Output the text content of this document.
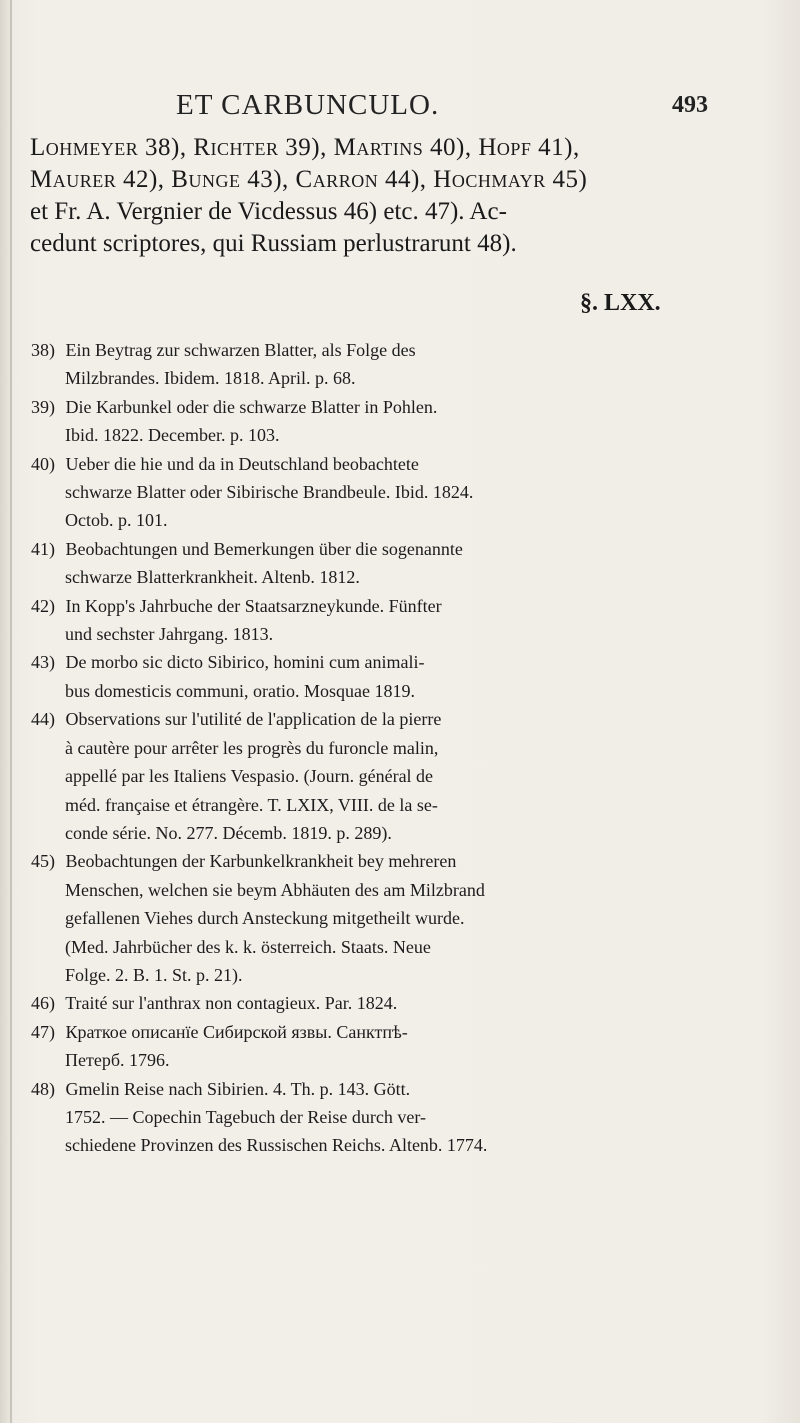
ET CARBUNCULO.	493
Lohmeyer 38), Richter 39), Martins 40), Hopf 41),
Maurer 42), Bunge 43), Carron 44), Hochmayr 45)
et Fr. A. Vergnier de Vicdessus 46) etc. 47). Ac-
cedunt scriptores, qui Russiam perlustrarunt 48).
§. LXX.
38) Ein Beytrag zur schwarzen Blatter, als Folge des
Milzbrandes. Ibidem. 1818. April. p. 68.
39) Die Karbunkel oder die schwarze Blatter in Pohlen.
Ibid. 1822. December. p. 103.
40) Ueber die hie und da in Deutschland beobachtete
schwarze Blatter oder Sibirische Brandbeule. Ibid. 1824.
Octob. p. 101.
41) Beobachtungen und Bemerkungen über die sogenannte
schwarze Blatterkrankheit. Altenb. 1812.
42) In Kopp's Jahrbuche der Staatsarzneykunde. Fünfter
und sechster Jahrgang. 1813.
43) De morbo sic dicto Sibirico, homini cum animali-
bus domesticis communi, oratio. Mosquae 1819.
44) Observations sur l'utilité de l'application de la pierre
à cautère pour arrêter les progrès du furoncle malin,
appellé par les Italiens Vespasio. (Journ. général de
méd. française et étrangère. T. LXIX, VIII. de la se-
conde série. No. 277. Décemb. 1819. p. 289).
45) Beobachtungen der Karbunkelkrankheit bey mehreren
Menschen, welchen sie beym Abhäuten des am Milzbrand
gefallenen Viehes durch Ansteckung mitgetheilt wurde.
(Med. Jahrbücher des k. k. österreich. Staats. Neue
Folge. 2. B. 1. St. p. 21).
46) Traité sur l'anthrax non contagieux. Par. 1824.
47) Краткое описанїе Сибирской язвы. Санктпѣ-
Петерб. 1796.
48) Gmelin Reise nach Sibirien. 4. Th. p. 143. Gött.
1752. — Copechin Tagebuch der Reise durch ver-
schiedene Provinzen des Russischen Reichs. Altenb. 1774.
